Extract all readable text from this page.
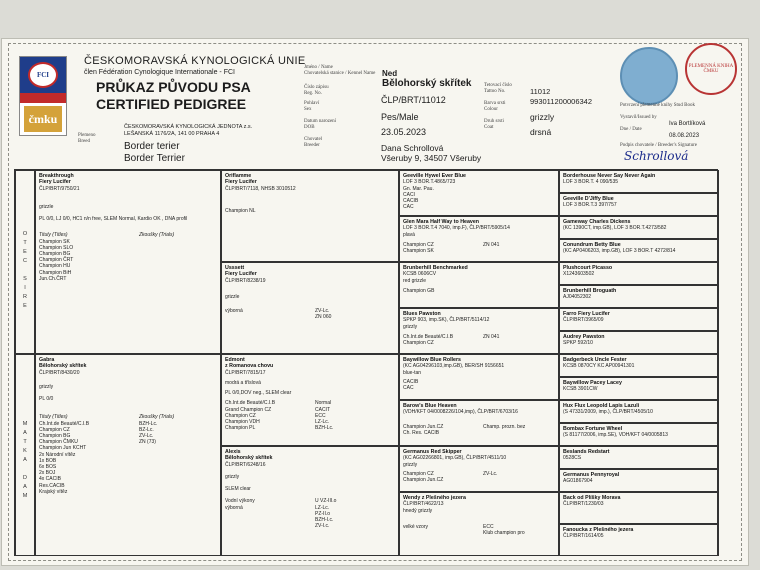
FCI
čmku
ČESKOMORAVSKÁ KYNOLOGICKÁ UNIE
člen Fédération Cynologique Internationale - FCI
PRŮKAZ PŮVODU PSA
CERTIFIED PEDIGREE
ČESKOMORAVSKÁ KYNOLOGICKÁ JEDNOTA z.s.
LEŠANSKÁ 1176/2A, 141 00 PRAHA 4
Plemeno
Breed	Border terier
Border Terrier
Jméno / Name
Chovatelská stanice / Kennel Name
Číslo zápisu
Reg. No.
Pohlaví
Sex
Datum narození
DOB
Chovatel
Breeder
Ned
Bělohorský skřítek
ČLP/BRT/11012
Pes/Male
23.05.2023
Dana Schrollová
Všeruby 9, 34507 Všeruby
Tetovací číslo
Tattoo No.
Barva srsti
Colour
Druh srsti
Coat
11012
993011200006342
grizzly
drsná
PLEMENNÁ KNIHA ČMKU
Potvrzení plemenné knihy Stud Book
Vystavil/Issued by
Iva Bortlíková
Dne / Date
08.08.2023
Podpis chovatele / Breeder's Signature
Schrollová
O
T
E
C

S
I
R
E
M
A
T
K
A

D
A
M
Breakthrough
Fiery Lucifer
ČLP/BRT/9750/21
grizzle
PL 0/0, LJ 0/0, HC1 n/n free, SLEM Normal, Kardio OK , DNA profil
Tituly (Titles)
Champion SK
Champion SLO
Champion BG
Champion ČRT
Champion HU
Champion BiH
Jun.Ch.ČRT
Zkoušky (Trials)
Oriflamme
Fiery Lucifer
ČLP/BRT/7118, NHSB 3010512
Champion NL
Usssett
Fiery Lucifer
ČLP/BRT/8238/19
grizzle
výborná	ZV-Lc.
ZN 060
Geeville Hywel Ever Blue
LOF 3 BOR.T.4865/723
Gn. Mar. Pau.
CACI
CACIB
CAC
Glen Mara Half Way to Heaven
LOF 3 BOR.T.4 7040, imp.F), ČLP/BRT/5905/14
plavá
Champion CZ
Champion SK
ZN 041
Brunberhill Benchmarked
KCSB 0606CV
red grizzle
Champion GB
Blues Pawston
SPKP 903, imp.SK), ČLP/BRT/5114/12
grizzly
Ch.Int.de Beauté/C.I.B
Champion CZ
ZN 041
Borderhouse Never Say Never Again
LOF 3 BOR.T. 4 090/535
Geeville D'Jiffy Blue
LOF 3 BOR.T.3 397/757
Gameway Charles Dickens
(KC 1390CT, imp.GB), LOF 3 BOR.T.4273/582
Conundrum Betty Blue
(KC AP0406203, imp.GB), LOF 3 BOR.T 4272/814
Plushcourt Picasso
X1243603502
Brunberhill Broguath
AJ04052302
Farro Fiery Lucifer
ČLP/BRT/3965/09
Audrey Pawston
SPKP 592/10
Gabra
Bělohorský skřítek
ČLP/BRT/8430/20
grizzly
PL 0/0
Tituly (Titles)
Ch.Int.de Beauté/C.I.B
Champion CZ
Champion BG
Champion ČMKU
Champion Jun KCHT
2x Národní vítěz
1x BOB
6x BOS
2x BOJ
4x CACIB
Res.CACIB
Krajský vítěz
Zkoušky (Trials)
BZH-Lc.
BZ-Lc.
ZV-Lc.
ZN (73)
Edmont
z Romanova chovu
ČLP/BRT/7815/17
modrá a tříslová
PL 0/0,DOV neg., SLEM clear
Ch.Int.de Beauté/C.I.B
Grand Champion CZ
Champion CZ
Champion VDH
Champion PL
Normal
CACIT
ECC
LZ-Lc.
BZH-Lc.
Alexis
Bělohorský skřítek
ČLP/BRT/6248/16
grizzly
SLEM clear
Vodní výkony
výborná
U VZ-III.o
LZ-Lc.
PZ-II.o
BZH-I.c.
ZV-I.c.
Baywillow Blue Rollers
(KC AG04296103,imp.GB), BER/SH 9156651
blue-tan
CACIB
CAC
Barow's Blue Heaven
(VDH/KFT 04/0008226/104,imp), ČLP/BRT/6703/16
Champion Jun.CZ
Ch. Res. CACIB
Champ. prozn. bez
Germanus Red Skipper
(KC AG02266801, imp.GB), ČLP/BRT/4511/10
grizzly
Champion CZ
Champion Jun.CZ
ZV-Lc.
Wendy z Plešného jezera
ČLP/BRT/4622/13
hnedý grizzly
velké vzory	ECC
Klub champion pro
Badgerbeck Uncle Fester
KCSB 0870CY KC AP00941301
Baywillow Pacey Lacey
KCSB 3901CW
Hux Flux Leopold Lapis Lazuli
(S 47331/2009, imp.), ČLP/BRT/4505/10
Bombax Fortune Wheel
(S 81177/2006, imp.SE), VDH/KFT 04/0005813
Beslands Redstart
0528CS
Germanus Pennyroyal
AG01867904
Back od Plíšky Morava
ČLP/BRT/1230/03
Fanoucka z Plešného jezera
ČLP/BRT/1614/05
